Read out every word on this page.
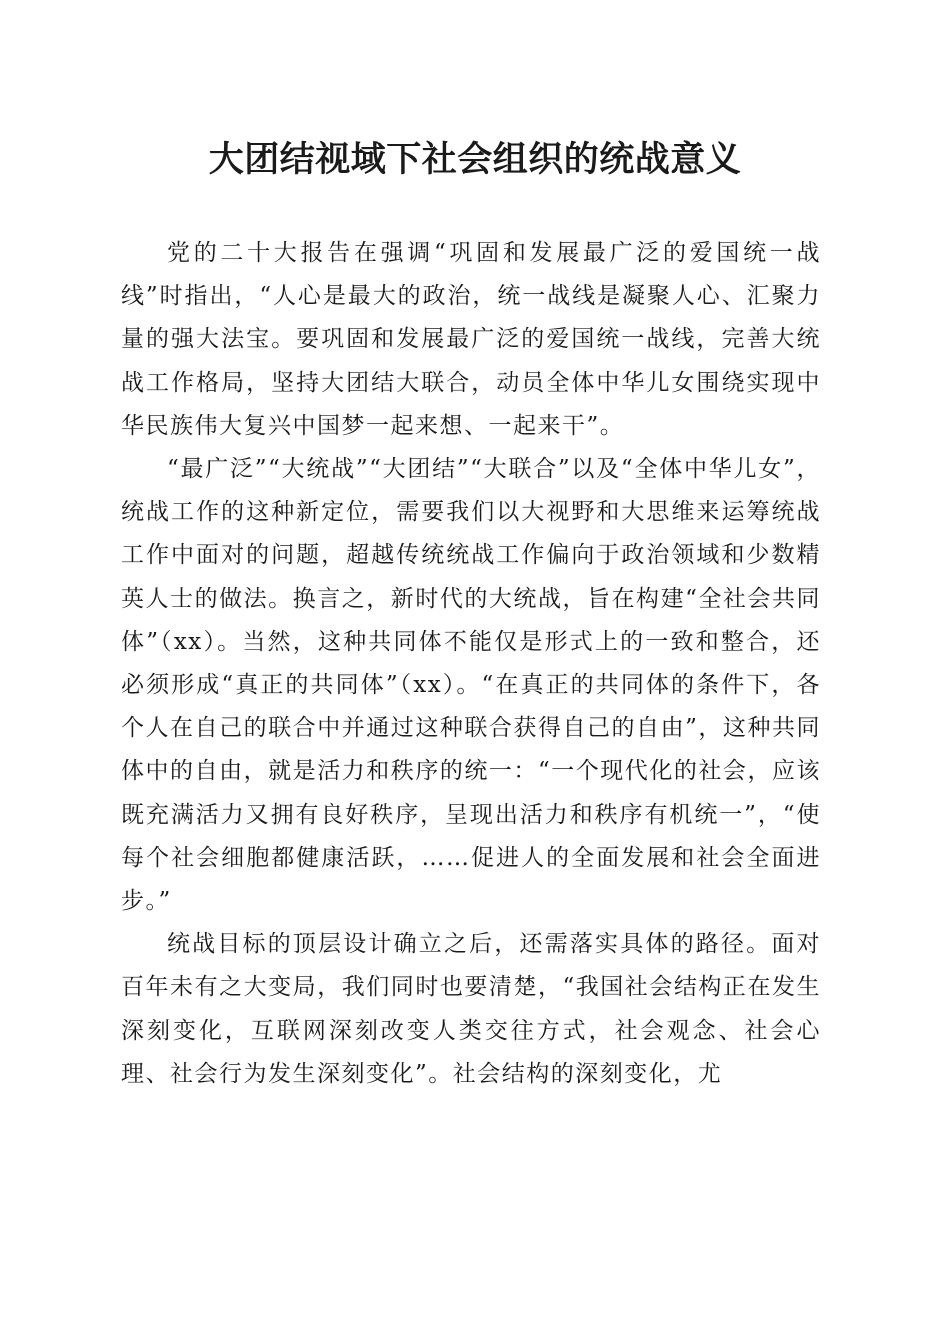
大团结视域下社会组织的统战意义

党的二十大报告在强调“巩固和发展最广泛的爱国统一战线”时指出，“人心是最大的政治，统一战线是凝聚人心、汇聚力量的强大法宝。要巩固和发展最广泛的爱国统一战线，完善大统战工作格局，坚持大团结大联合，动员全体中华儿女围绕实现中华民族伟大复兴中国梦一起来想、一起来干”。

“最广泛”“大统战”“大团结”“大联合”以及“全体中华儿女”，统战工作的这种新定位，需要我们以大视野和大思维来运筹统战工作中面对的问题，超越传统统战工作偏向于政治领域和少数精英人士的做法。换言之，新时代的大统战，旨在构建“全社会共同体”（xx）。当然，这种共同体不能仅是形式上的一致和整合，还必须形成“真正的共同体”（xx）。“在真正的共同体的条件下，各个人在自己的联合中并通过这种联合获得自己的自由”，这种共同体中的自由，就是活力和秩序的统一：“一个现代化的社会，应该既充满活力又拥有良好秩序，呈现出活力和秩序有机统一”，“使每个社会细胞都健康活跃，……促进人的全面发展和社会全面进步。”

统战目标的顶层设计确立之后，还需落实具体的路径。面对百年未有之大变局，我们同时也要清楚，“我国社会结构正在发生深刻变化，互联网深刻改变人类交往方式，社会观念、社会心理、社会行为发生深刻变化”。社会结构的深刻变化，尤
